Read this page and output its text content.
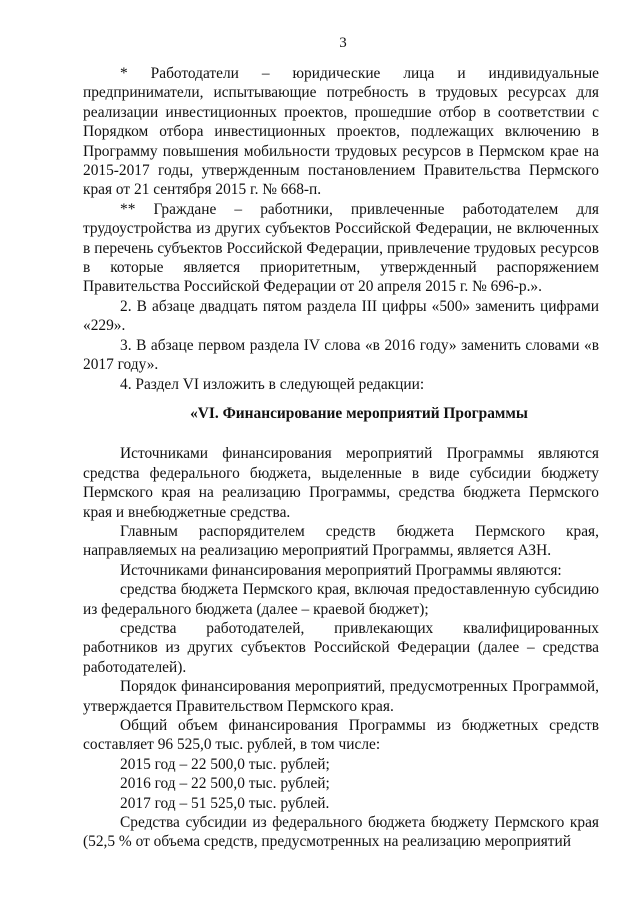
3

* Работодатели – юридические лица и индивидуальные предприниматели, испытывающие потребность в трудовых ресурсах для реализации инвестиционных проектов, прошедшие отбор в соответствии с Порядком отбора инвестиционных проектов, подлежащих включению в Программу повышения мобильности трудовых ресурсов в Пермском крае на 2015-2017 годы, утвержденным постановлением Правительства Пермского края от 21 сентября 2015 г. № 668-п.

** Граждане – работники, привлеченные работодателем для трудоустройства из других субъектов Российской Федерации, не включенных в перечень субъектов Российской Федерации, привлечение трудовых ресурсов в которые является приоритетным, утвержденный распоряжением Правительства Российской Федерации от 20 апреля 2015 г. № 696-р.».

2. В абзаце двадцать пятом раздела III цифры «500» заменить цифрами «229».

3. В абзаце первом раздела IV слова «в 2016 году» заменить словами «в 2017 году».

4. Раздел VI изложить в следующей редакции:

«VI. Финансирование мероприятий Программы

Источниками финансирования мероприятий Программы являются средства федерального бюджета, выделенные в виде субсидии бюджету Пермского края на реализацию Программы, средства бюджета Пермского края и внебюджетные средства.

Главным распорядителем средств бюджета Пермского края, направляемых на реализацию мероприятий Программы, является АЗН.

Источниками финансирования мероприятий Программы являются:

средства бюджета Пермского края, включая предоставленную субсидию из федерального бюджета (далее – краевой бюджет);

средства работодателей, привлекающих квалифицированных работников из других субъектов Российской Федерации (далее – средства работодателей).

Порядок финансирования мероприятий, предусмотренных Программой, утверждается Правительством Пермского края.

Общий объем финансирования Программы из бюджетных средств составляет 96 525,0 тыс. рублей, в том числе:

2015 год – 22 500,0 тыс. рублей;

2016 год – 22 500,0 тыс. рублей;

2017 год – 51 525,0 тыс. рублей.

Средства субсидии из федерального бюджета бюджету Пермского края (52,5 % от объема средств, предусмотренных на реализацию мероприятий
